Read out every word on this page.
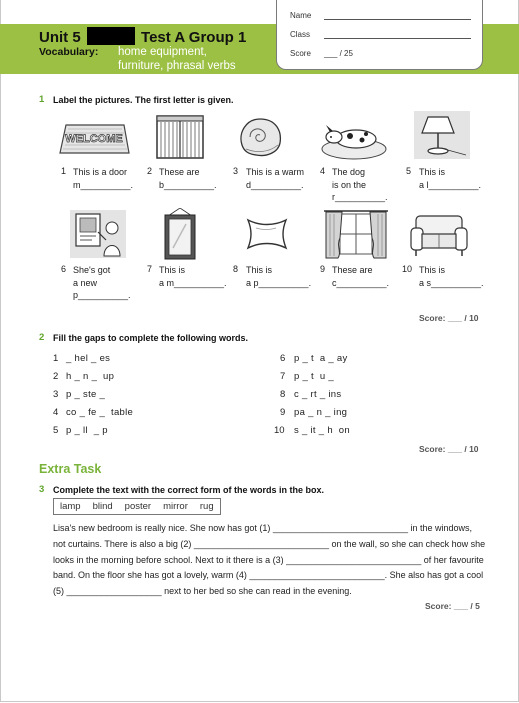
Unit 5	Test A Group 1
Vocabulary: home equipment,
furniture, phrasal verbs
Name
Class
Score ___ / 25
1 Label the pictures. The first letter is given.
WELCOME
1 This is a door
m__________.
2 These are
b__________.
3 This is a warm
d__________.
4 The dog
is on the
r__________.
5 This is
a l__________.
6 She's got
a new
p__________.
7 This is
a m__________.
8 This is
a p__________.
9 These are
c__________.
10 This is
a s__________.
Score: ___ / 10
2 Fill the gaps to complete the following words.
1 _ hel _ es
2 h _ n _  up
3 p _ ste _
4 co _ fe _  table
5 p _ ll  _ p
6 p _ t  a _ ay
7 p _ t  u _
8 c _ rt _ ins
9 pa _ n _ ing
10 s _ it _ h  on
Score: ___ / 10
Extra Task
3 Complete the text with the correct form of the words in the box.
lamp	blind	poster	mirror	rug
Lisa's new bedroom is really nice. She now has got (1) ___________________________ in the windows,
not curtains. There is also a big (2) ___________________________ on the wall, so she can check how she
looks in the morning before school. Next to it there is a (3) ___________________________ of her favourite
band. On the floor she has got a lovely, warm (4) ___________________________. She also has got a cool
(5) ___________________ next to her bed so she can read in the evening.
Score: ___ / 5
